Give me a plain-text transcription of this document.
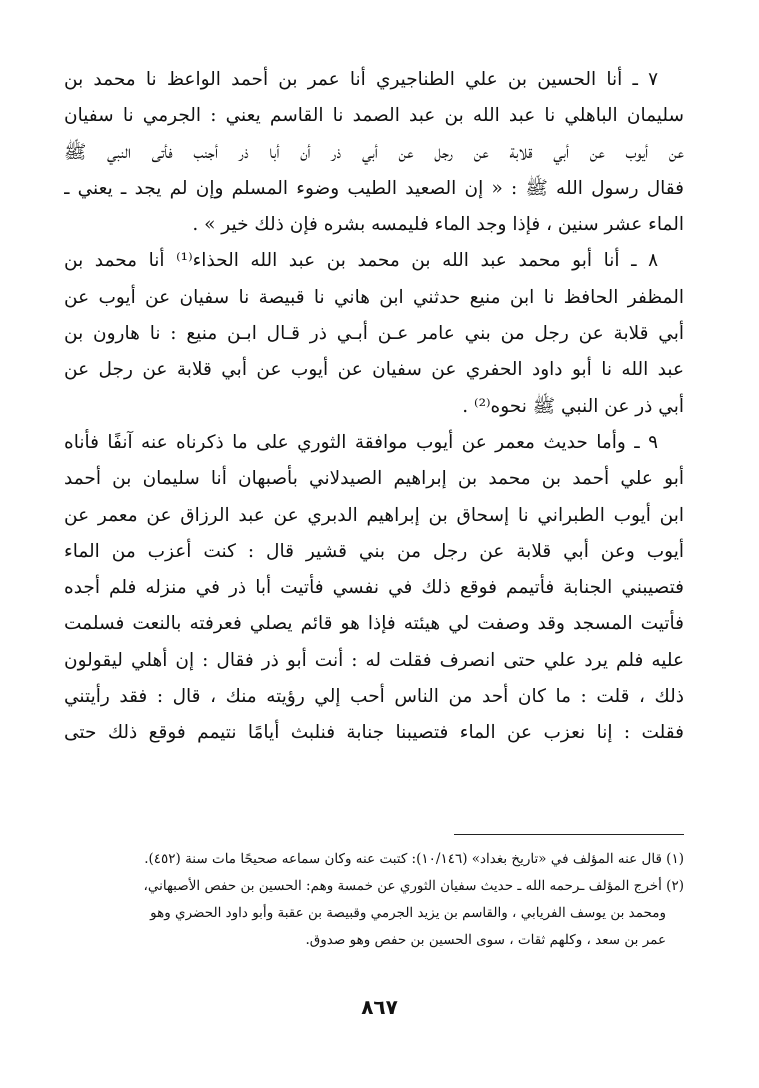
٧ ـ أنا الحسين بن علي الطناجيري أنا عمر بن أحمد الواعظ نا محمد بن
سليمان الباهلي نا عبد الله بن عبد الصمد نا القاسم يعني : الجرمي نا سفيان
عن أيوب عن أبي قلابة عن رجل عن أبي ذر أن أبا ذر أجنب فأتى النبي ﷺ
فقال رسول الله ﷺ : « إن الصعيد الطيب وضوء المسلم وإن لم يجد ـ يعني ـ
الماء عشر سنين ، فإذا وجد الماء فليمسه بشره فإن ذلك خير » .
٨ ـ أنا أبو محمد عبد الله بن محمد بن عبد الله الحذاء⁽¹⁾ أنا محمد بن
المظفر الحافظ نا ابن منيع حدثني ابن هاني نا قبيصة نا سفيان عن أيوب عن
أبي قلابة عن رجل من بني عامر عـن أبـي ذر قـال ابـن منيع : نا هارون بن
عبد الله نا أبو داود الحفري عن سفيان عن أيوب عن أبي قلابة عن رجل عن
أبي ذر عن النبي ﷺ نحوه⁽²⁾ .
٩ ـ وأما حديث معمر عن أيوب موافقة الثوري على ما ذكرناه عنه آنفًا فأناه
أبو علي أحمد بن محمد بن إبراهيم الصيدلاني بأصبهان أنا سليمان بن أحمد
ابن أيوب الطبراني نا إسحاق بن إبراهيم الدبري عن عبد الرزاق عن معمر عن
أيوب وعن أبي قلابة عن رجل من بني قشير قال : كنت أعزب من الماء
فتصيبني الجنابة فأتيمم فوقع ذلك في نفسي فأتيت أبا ذر في منزله فلم أجده
فأتيت المسجد وقد وصفت لي هيئته فإذا هو قائم يصلي فعرفته بالنعت فسلمت
عليه فلم يرد علي حتى انصرف فقلت له : أنت أبو ذر فقال : إن أهلي ليقولون
ذلك ، قلت : ما كان أحد من الناس أحب إلي رؤيته منك ، قال : فقد رأيتني
فقلت : إنا نعزب عن الماء فتصيبنا جنابة فنلبث أيامًا نتيمم فوقع ذلك حتى

(١) قال عنه المؤلف في «تاريخ بغداد» (١٠/١٤٦): كتبت عنه وكان سماعه صحيحًا مات سنة (٤٥٢).
(٢) أخرج المؤلف ـرحمه الله ـ حديث سفيان الثوري عن خمسة وهم: الحسين بن حفص الأصبهاني،
ومحمد بن يوسف الفريابي ، والقاسم بن يزيد الجرمي وقبيصة بن عقبة وأبو داود الحضري وهو
عمر بن سعد ، وكلهم ثقات ، سوى الحسين بن حفص وهو صدوق.
٨٦٧
